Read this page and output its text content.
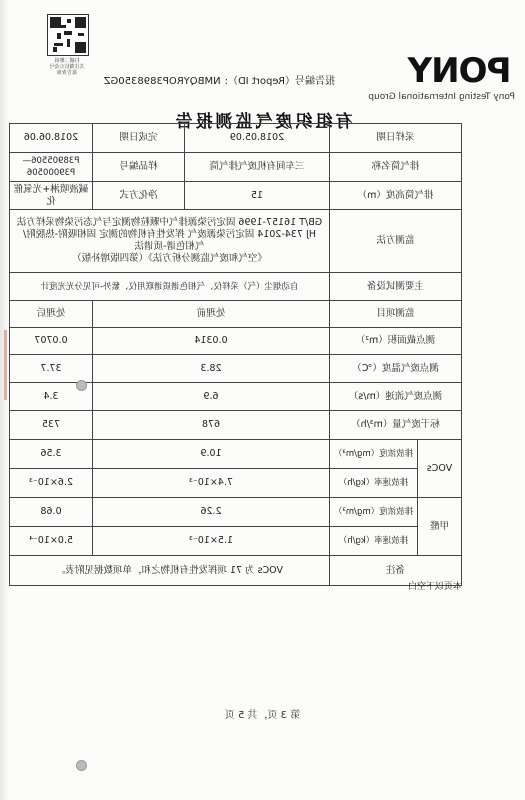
扫描二维码
关注微信公众号
报告查询	PONY
Pony Testing International Group
报告编号（Report ID）:NMBQYROP3898350GZ
有组织废气监测报告
采样日期		2018.05.09	完成日期	2018.06.06
排气筒名称		三车间有机废气排气筒	样品编号	P38905506—P39000506
排气筒高度（m）		15	净化方式	碱液喷淋+光氧催化
监测方法		GB/T 16157-1996 固定污染源排气中颗粒物测定与气态污染物采样方法
HJ 734-2014 固定污染源废气 挥发性有机物的测定 固相吸附-热脱附/
气相色谱-质谱法
《空气和废气监测分析方法》（第四版增补版）		

主要测试设备		自动烟尘（气）采样仪、气相色谱质谱联用仪、紫外-可见分光光度计		
监测项目		处理前		处理后
测点截面积（m²）		0.0314		0.0707
测点废气温度（℃）		28.3		37.7
测点废气流速（m/s）		6.9		3.4
标干废气量（m³/h）		678		735
VOCs	排放浓度（mg/m³）	10.9		3.56
	排放速率（kg/h）	7.4×10⁻³		2.6×10⁻³
甲醛	排放浓度（mg/m³）	2.26		0.68
	排放速率（kg/h）	1.5×10⁻³		5.0×10⁻⁴
备注		VOCs 为 71 项挥发性有机物之和，单项数据见附表。		
本页以下空白
第 3 页，共 5 页
